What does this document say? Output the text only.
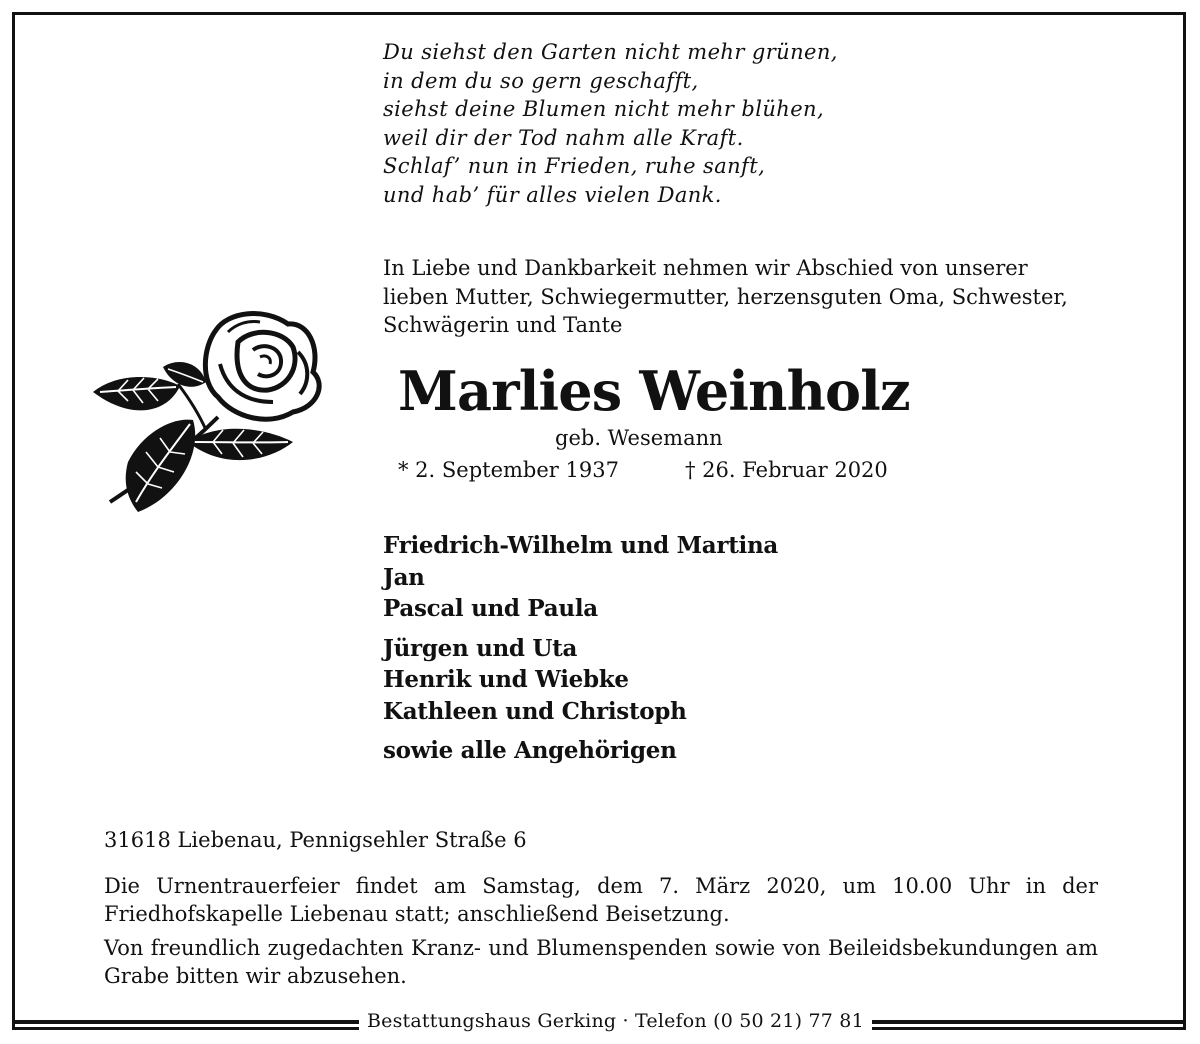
Du siehst den Garten nicht mehr grünen,
in dem du so gern geschafft,
siehst deine Blumen nicht mehr blühen,
weil dir der Tod nahm alle Kraft.
Schlaf’ nun in Frieden, ruhe sanft,
und hab’ für alles vielen Dank.
In Liebe und Dankbarkeit nehmen wir Abschied von unserer
lieben Mutter, Schwiegermutter, herzensguten Oma, Schwester,
Schwägerin und Tante
Marlies Weinholz
geb. Wesemann
* 2. September 1937	† 26. Februar 2020
Friedrich-Wilhelm und Martina
Jan
Pascal und Paula
Jürgen und Uta
Henrik und Wiebke
Kathleen und Christoph
sowie alle Angehörigen
31618 Liebenau, Pennigsehler Straße 6
Die Urnentrauerfeier findet am Samstag, dem 7. März 2020, um 10.00 Uhr in der Friedhofskapelle Liebenau statt; anschließend Beisetzung.
Von freundlich zugedachten Kranz- und Blumenspenden sowie von Beileidsbekundungen am Grabe bitten wir abzusehen.
Bestattungshaus Gerking · Telefon (0 50 21) 77 81
